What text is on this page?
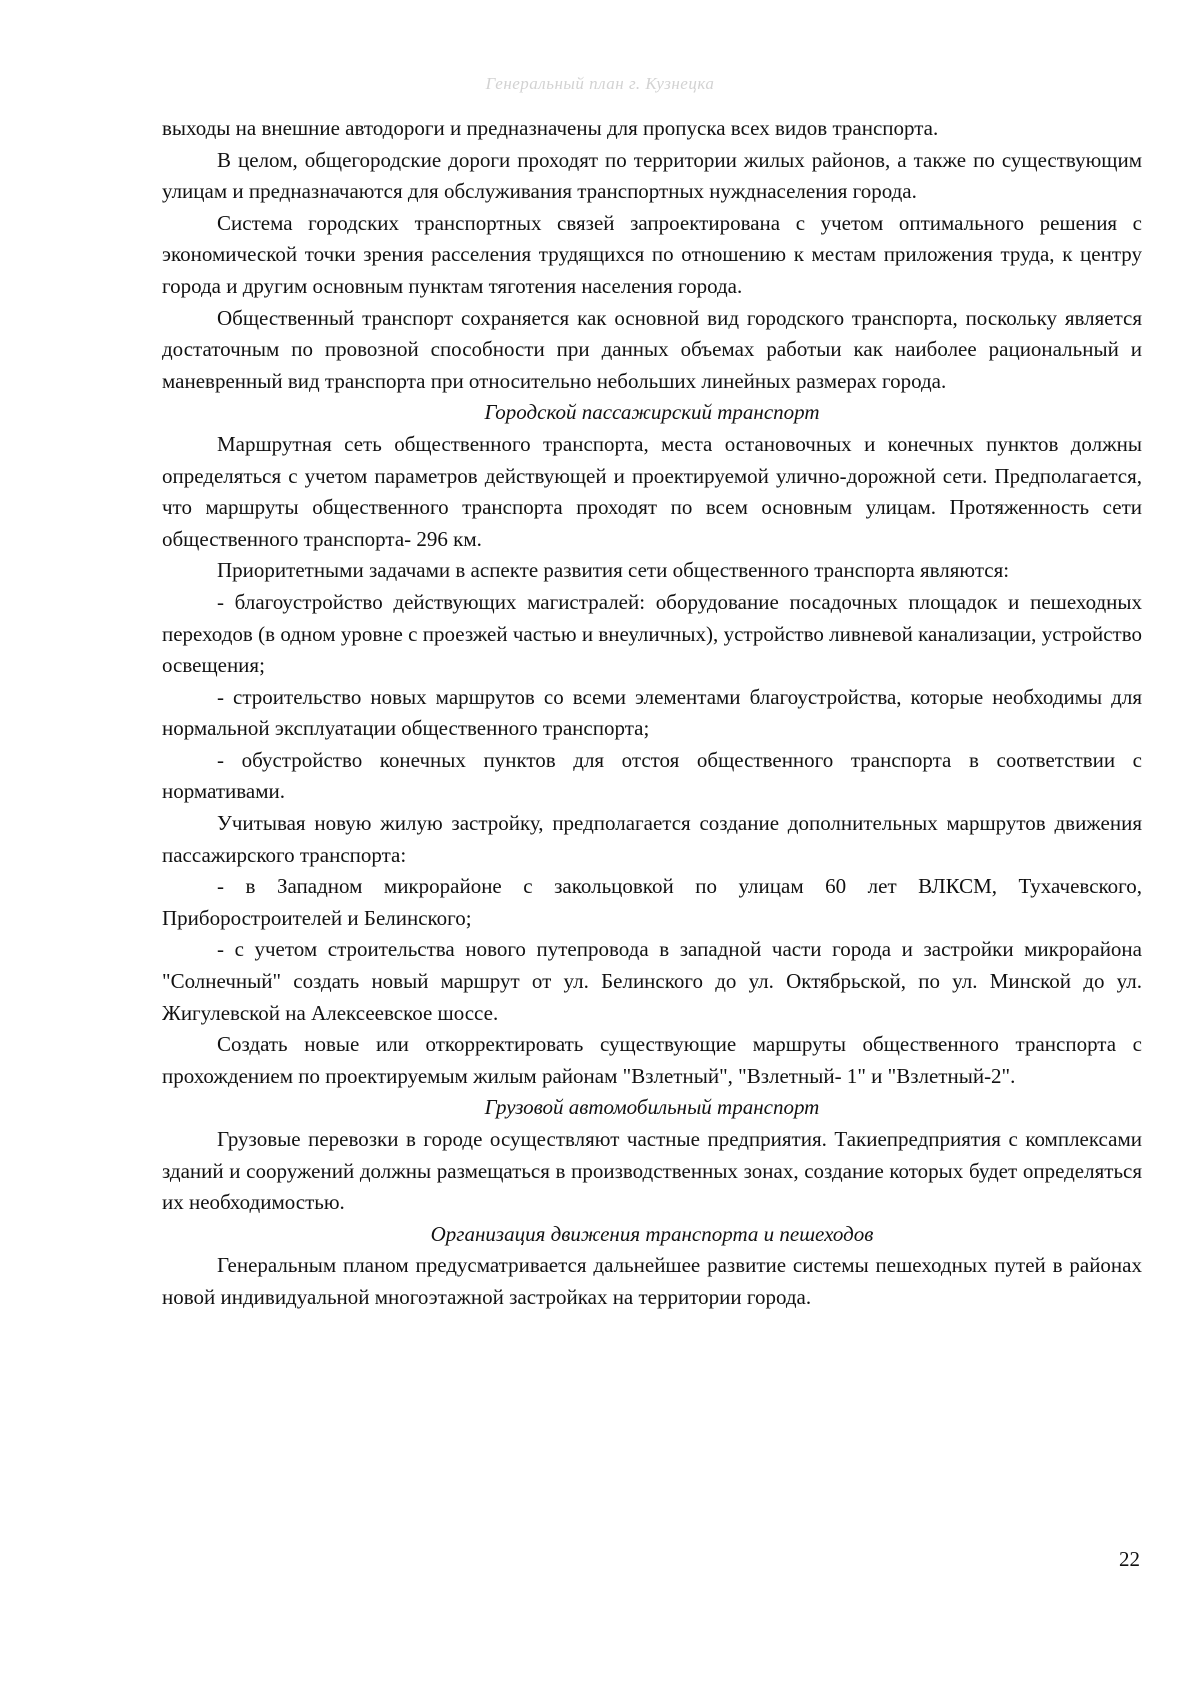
Генеральный план г. Кузнецка

выходы на внешние автодороги и предназначены для пропуска всех видов транспорта.

В целом, общегородские дороги проходят по территории жилых районов, а также по существующим улицам и предназначаются для обслуживания транспортных нужднаселения города.

Система городских транспортных связей запроектирована с учетом оптимального решения с экономической точки зрения расселения трудящихся по отношению к местам приложения труда, к центру города и другим основным пунктам тяготения населения города.

Общественный транспорт сохраняется как основной вид городского транспорта, поскольку является достаточным по провозной способности при данных объемах работыи как наиболее рациональный и маневренный вид транспорта при относительно небольших линейных размерах города.

Городской пассажирский транспорт

Маршрутная сеть общественного транспорта, места остановочных и конечных пунктов должны определяться с учетом параметров действующей и проектируемой улично-дорожной сети. Предполагается, что маршруты общественного транспорта проходят по всем основным улицам. Протяженность сети общественного транспорта- 296 км.

Приоритетными задачами в аспекте развития сети общественного транспорта являются:

- благоустройство действующих магистралей: оборудование посадочных площадок и пешеходных переходов (в одном уровне с проезжей частью и внеуличных), устройство ливневой канализации, устройство освещения;

- строительство новых маршрутов со всеми элементами благоустройства, которые необходимы для нормальной эксплуатации общественного транспорта;

- обустройство конечных пунктов для отстоя общественного транспорта в соответствии с нормативами.

Учитывая новую жилую застройку, предполагается создание дополнительных маршрутов движения пассажирского транспорта:

- в Западном микрорайоне с закольцовкой по улицам 60 лет ВЛКСМ, Тухачевского, Приборостроителей и Белинского;

- с учетом строительства нового путепровода в западной части города и застройки микрорайона "Солнечный" создать новый маршрут от ул. Белинского до ул. Октябрьской, по ул. Минской до ул. Жигулевской на Алексеевское шоссе.

Создать новые или откорректировать существующие маршруты общественного транспорта с прохождением по проектируемым жилым районам "Взлетный", "Взлетный- 1" и "Взлетный-2".

Грузовой автомобильный транспорт

Грузовые перевозки в городе осуществляют частные предприятия. Такиепредприятия с комплексами зданий и сооружений должны размещаться в производственных зонах, создание которых будет определяться их необходимостью.

Организация движения транспорта и пешеходов

Генеральным планом предусматривается дальнейшее развитие системы пешеходных путей в районах новой индивидуальной многоэтажной застройках на территории города.

22
